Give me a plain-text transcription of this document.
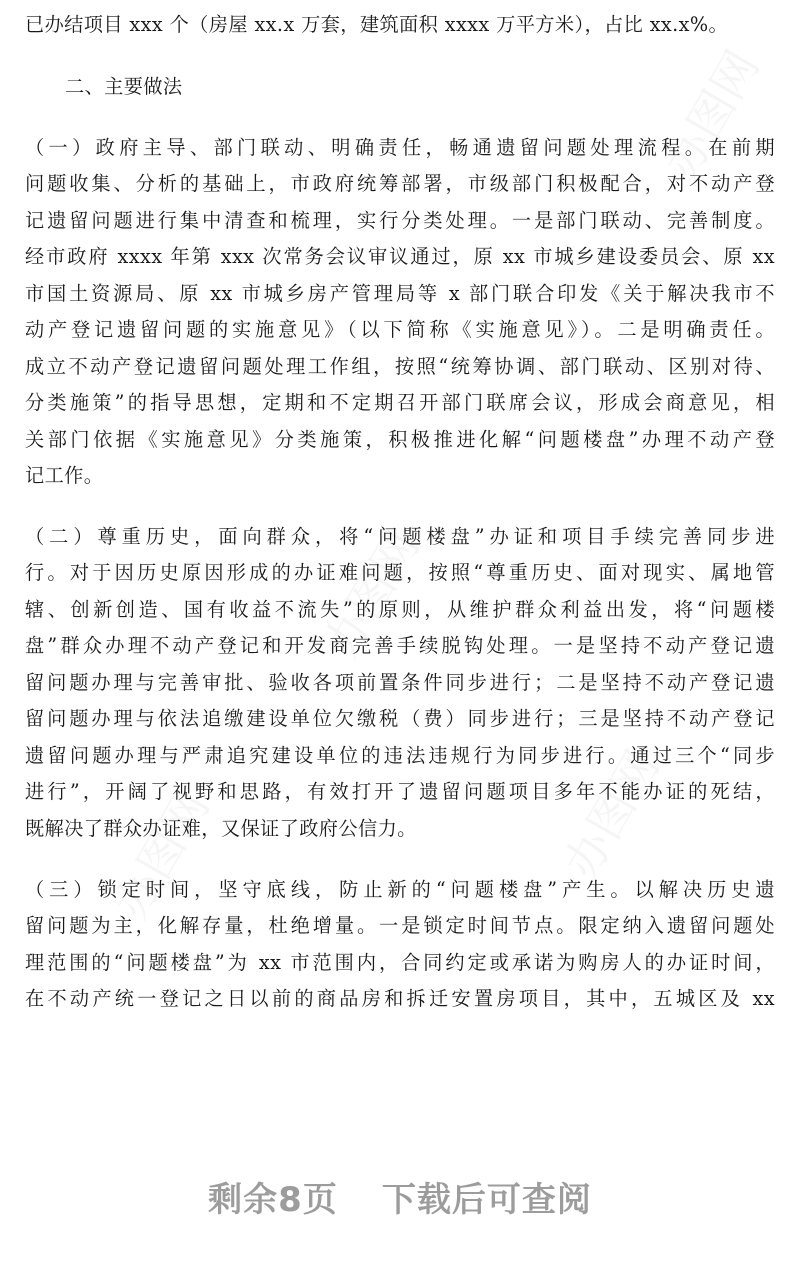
办图网
办图网
办图网
办图网
已办结项目 xxx 个（房屋 xx.x 万套，建筑面积 xxxx 万平方米），占比 xx.x%。
二、主要做法
（一）政府主导、部门联动、明确责任，畅通遗留问题处理流程。在前期
问题收集、分析的基础上，市政府统筹部署，市级部门积极配合，对不动产登
记遗留问题进行集中清查和梳理，实行分类处理。一是部门联动、完善制度。
经市政府 xxxx 年第 xxx 次常务会议审议通过，原 xx 市城乡建设委员会、原 xx
市国土资源局、原 xx 市城乡房产管理局等 x 部门联合印发《关于解决我市不
动产登记遗留问题的实施意见》（以下简称《实施意见》）。二是明确责任。
成立不动产登记遗留问题处理工作组，按照“统筹协调、部门联动、区别对待、
分类施策”的指导思想，定期和不定期召开部门联席会议，形成会商意见，相
关部门依据《实施意见》分类施策，积极推进化解“问题楼盘”办理不动产登
记工作。
（二）尊重历史，面向群众，将“问题楼盘”办证和项目手续完善同步进
行。对于因历史原因形成的办证难问题，按照“尊重历史、面对现实、属地管
辖、创新创造、国有收益不流失”的原则，从维护群众利益出发，将“问题楼
盘”群众办理不动产登记和开发商完善手续脱钩处理。一是坚持不动产登记遗
留问题办理与完善审批、验收各项前置条件同步进行；二是坚持不动产登记遗
留问题办理与依法追缴建设单位欠缴税（费）同步进行；三是坚持不动产登记
遗留问题办理与严肃追究建设单位的违法违规行为同步进行。通过三个“同步
进行”，开阔了视野和思路，有效打开了遗留问题项目多年不能办证的死结，
既解决了群众办证难，又保证了政府公信力。
（三）锁定时间，坚守底线，防止新的“问题楼盘”产生。以解决历史遗
留问题为主，化解存量，杜绝增量。一是锁定时间节点。限定纳入遗留问题处
理范围的“问题楼盘”为 xx 市范围内，合同约定或承诺为购房人的办证时间，
在不动产统一登记之日以前的商品房和拆迁安置房项目，其中，五城区及 xx
剩余8页 下载后可查阅
